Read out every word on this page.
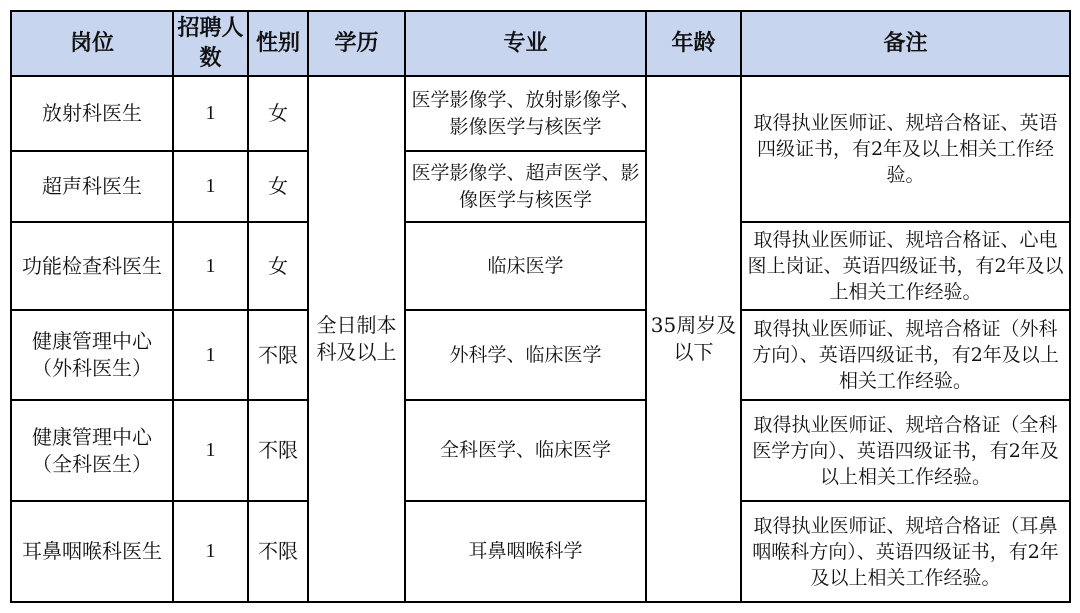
岗位	招聘人数	性别	学历	专业	年龄	备注
放射科医生	1	女	全日制本科及以上	医学影像学、放射影像学、影像医学与核医学	35周岁及以下	取得执业医师证、规培合格证、英语四级证书，有2年及以上相关工作经验。
超声科医生	1	女		医学影像学、超声医学、影像医学与核医学		
功能检查科医生	1	女		临床医学		取得执业医师证、规培合格证、心电图上岗证、英语四级证书，有2年及以上相关工作经验。
健康管理中心（外科医生）	1	不限		外科学、临床医学		取得执业医师证、规培合格证（外科方向）、英语四级证书，有2年及以上相关工作经验。
健康管理中心（全科医生）	1	不限		全科医学、临床医学		取得执业医师证、规培合格证（全科医学方向）、英语四级证书，有2年及以上相关工作经验。
耳鼻咽喉科医生	1	不限		耳鼻咽喉科学		取得执业医师证、规培合格证（耳鼻咽喉科方向）、英语四级证书，有2年及以上相关工作经验。
